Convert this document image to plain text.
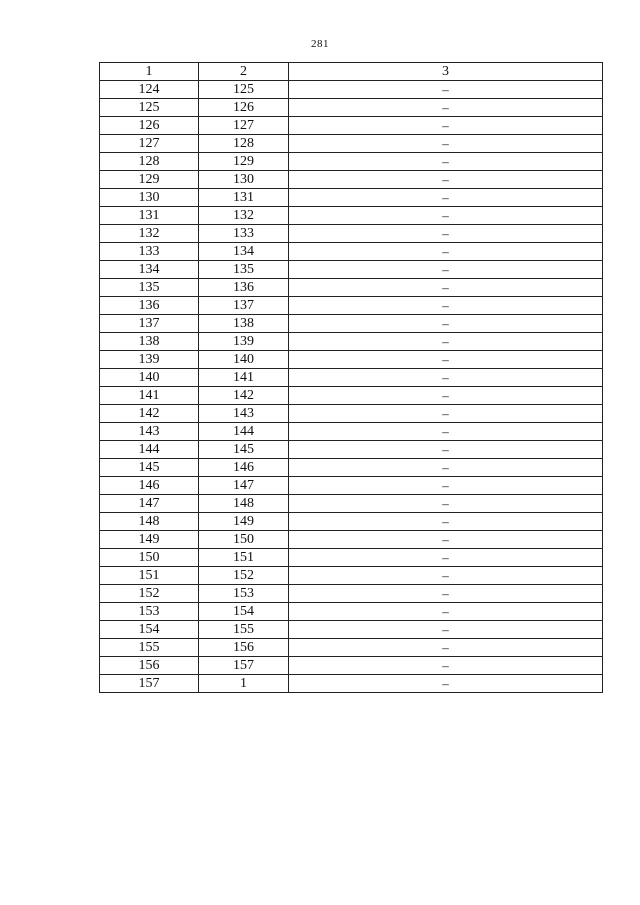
281
1	2	3
124	125	–
125	126	–
126	127	–
127	128	–
128	129	–
129	130	–
130	131	–
131	132	–
132	133	–
133	134	–
134	135	–
135	136	–
136	137	–
137	138	–
138	139	–
139	140	–
140	141	–
141	142	–
142	143	–
143	144	–
144	145	–
145	146	–
146	147	–
147	148	–
148	149	–
149	150	–
150	151	–
151	152	–
152	153	–
153	154	–
154	155	–
155	156	–
156	157	–
157	1	–
